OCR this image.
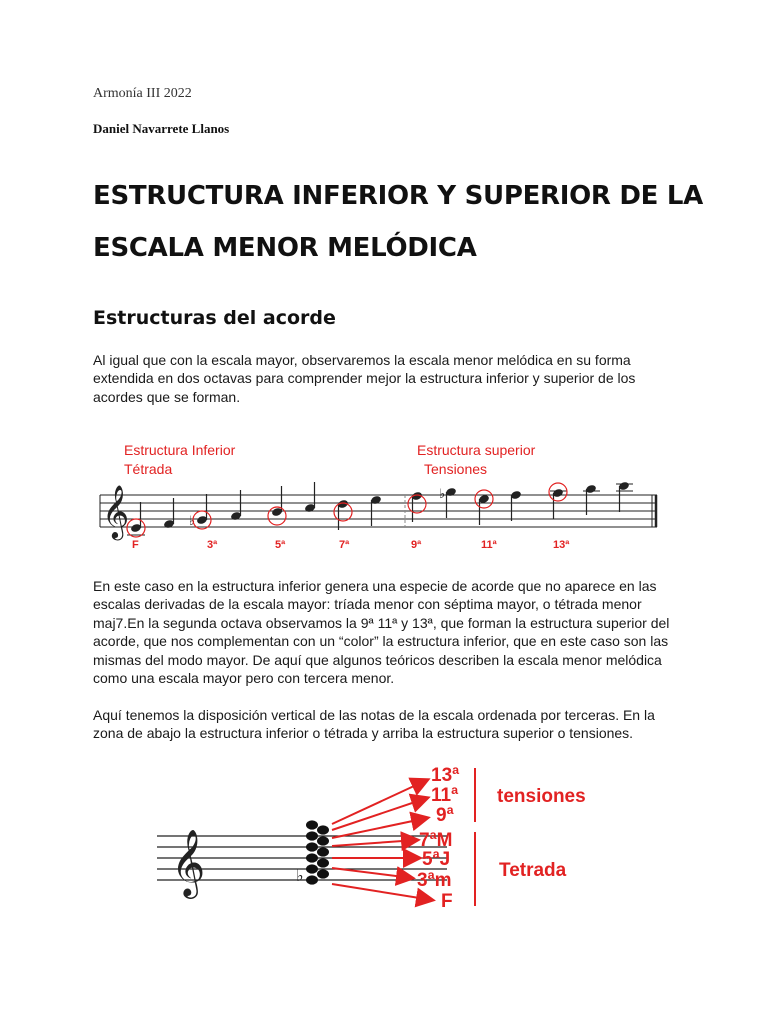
Armonía III 2022
Daniel Navarrete Llanos
ESTRUCTURA INFERIOR Y SUPERIOR DE LA
ESCALA MENOR MELÓDICA
Estructuras del acorde
Al igual que con la escala mayor, observaremos la escala menor melódica en su forma extendida en dos octavas para comprender mejor la estructura inferior y superior de los acordes que se forman.
Estructura Inferior
Tétrada
Estructura superior
Tensiones
𝄞	♭
♭
F	3ª	5ª	7ª	9ª	11ª	13ª
En este caso en la estructura inferior genera una especie de acorde que no aparece en las escalas derivadas de la escala mayor: tríada menor con séptima mayor, o tétrada menor maj7.En la segunda octava observamos la 9ª 11ª y 13ª, que forman la estructura superior del acorde, que nos complementan con un “color” la estructura inferior, que en este caso son las mismas del modo mayor. De aquí que algunos teóricos describen la escala menor melódica como una escala mayor pero con tercera menor.
Aquí tenemos la disposición vertical de las notas de la escala ordenada por terceras. En la zona de abajo la estructura inferior o tétrada y arriba la estructura superior o tensiones.
𝄞	♭
13ª
11ª
9ª
7ªM
5ªJ
3ªm
F
tensiones
Tetrada
